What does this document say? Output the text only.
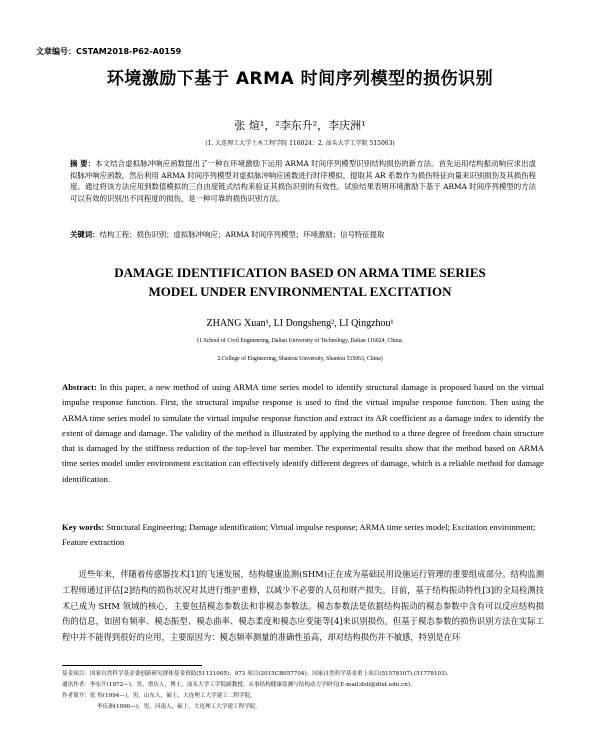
文章编号：CSTAM2018-P62-A0159
环境激励下基于 ARMA 时间序列模型的损伤识别
张 煊¹，²李东升²，李庆洲¹
(1. 大连理工大学土木工程学院 116024；2. 汕头大学工学院 515063)
摘 要：本文结合虚拟脉冲响应函数提出了一种在环境激励下运用 ARMA 时间序列模型识别结构损伤的新方法。首先运用结构振动响应求出虚拟脉冲响应函数，然后利用 ARMA 时间序列模型对虚拟脉冲响应函数进行时序模拟，提取其 AR 系数作为损伤特征向量来识别损伤及其损伤程度。通过将该方法应用到数值模拟的三自由度链式结构来验证其损伤识别的有效性。试验结果表明环境激励下基于 ARMA 时间序列模型的方法可以有效的识别出不同程度的损伤，是一种可靠的损伤识别方法。
关键词：结构工程；损伤识别；虚拟脉冲响应；ARMA 时间序列模型；环境激励；信号特征提取
DAMAGE IDENTIFICATION BASED ON ARMA TIME SERIES
MODEL UNDER ENVIRONMENTAL EXCITATION
ZHANG Xuan¹, LI Dongsheng², LI Qingzhou¹
(1.School of Civil Engineering, Dalian University of Technology, Dalian 116024, China;
2.College of Engineering, Shantou University, Shantou 515063, China)
Abstract: In this paper, a new method of using ARMA time series model to identify structural damage is proposed based on the virtual impulse response function. First, the structural impulse response is used to find the virtual impulse response function. Then using the ARMA time series model to simulate the virtual impulse response function and extract its AR coefficient as a damage index to identify the extent of damage and damage. The validity of the method is illustrated by applying the method to a three degree of freedom chain structure that is damaged by the stiffness reduction of the top-level bar member. The experimental results show that the method based on ARMA time series model under environment excitation can effectively identify different degrees of damage, which is a reliable method for damage identification.
Key words: Structural Engineering; Damage identification; Virtual impulse response; ARMA time series model; Excitation environment; Feature extraction
近些年来，伴随着传感器技术[1]的飞速发展，结构健康监测(SHM)正在成为基础民用设施运行管理的重要组成部分。结构监测工程师通过评估[2]结构的损伤状况对其进行维护重修，以减少不必要的人员和财产损失。目前，基于结构振动特性[3]的全局检测技术已成为 SHM 领域的核心，主要包括模态参数法和非模态参数法。模态参数法是依据结构振动的模态参数中含有可以反应结构损伤的信息，如固有频率、模态振型、模态曲率、模态柔度和模态应变能等[4]来识别损伤。但基于模态参数的损伤识别方法在实际工程中并不能得到很好的应用，主要原因为：模态频率测量的准确性虽高，却对结构损伤并不敏感，特别是在环
基金项目：国家自然科学基金委创新研究群体基金资助(51121005)；973 项目(2015CB057704)；国家自然科学基金重上项目(51578107),(51778103).
通讯作者：李东升(1972—)，男，重庆人，博士，汕头大学工学院副教授，从事结构健康监测与结构动力学研究(E-mail:dsli@dlut.edu.cn).
作者简介：张 煊(1994—)，男，山东人，硕士，大连理工大学建工二程学院。
李庆洲(1990—)，男，河南人，硕士，大连理工大学建工程学院。
